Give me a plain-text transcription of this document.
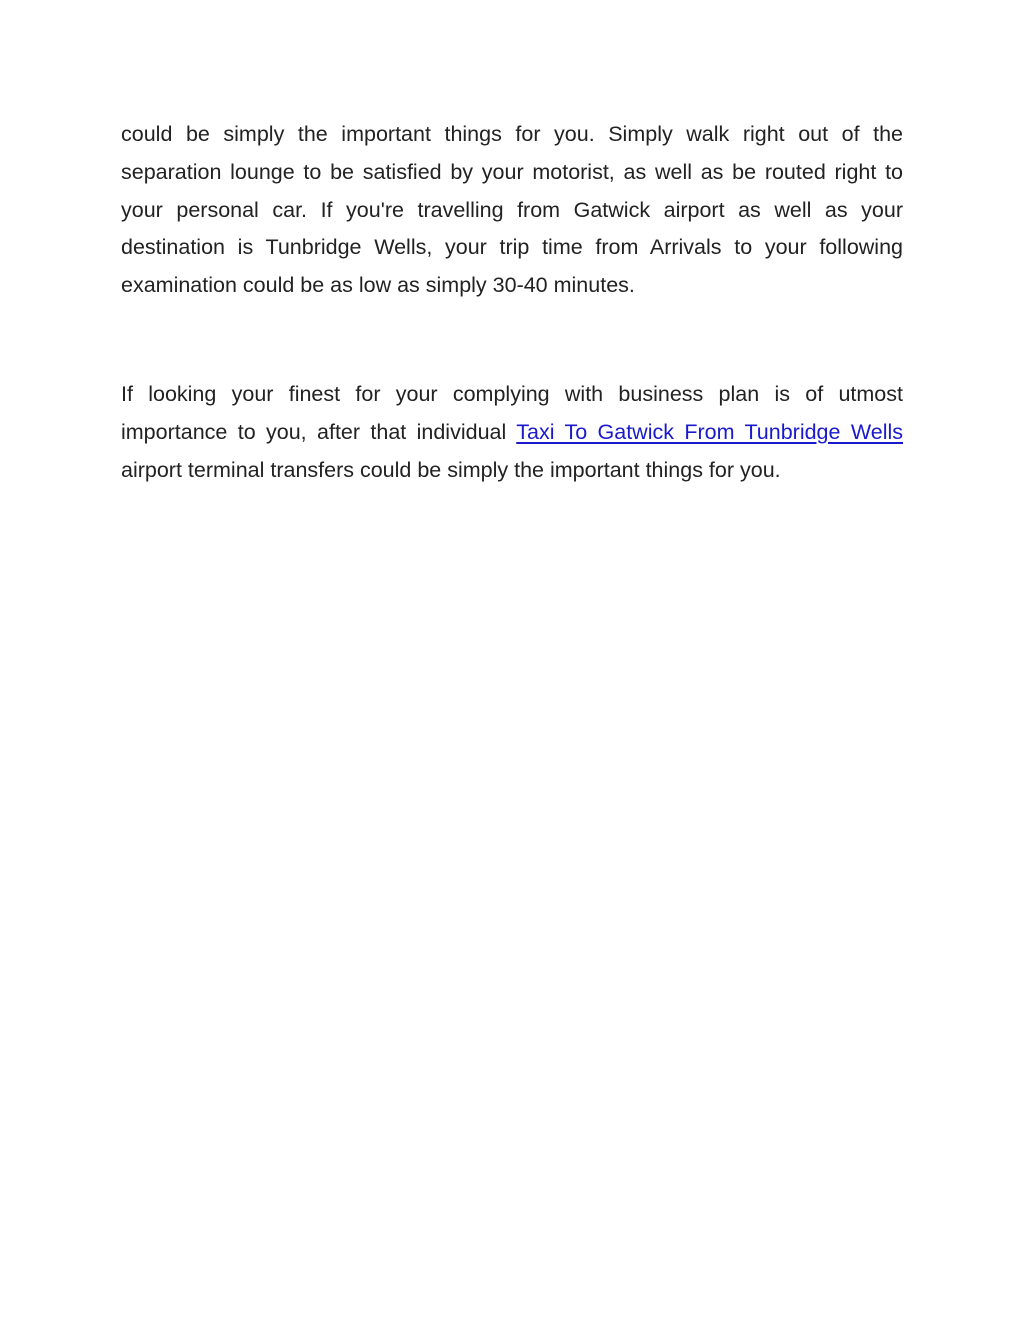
could be simply the important things for you. Simply walk right out of the separation lounge to be satisfied by your motorist, as well as be routed right to your personal car. If you're travelling from Gatwick airport as well as your destination is Tunbridge Wells, your trip time from Arrivals to your following examination could be as low as simply 30-40 minutes.

If looking your finest for your complying with business plan is of utmost importance to you, after that individual Taxi To Gatwick From Tunbridge Wells airport terminal transfers could be simply the important things for you.
